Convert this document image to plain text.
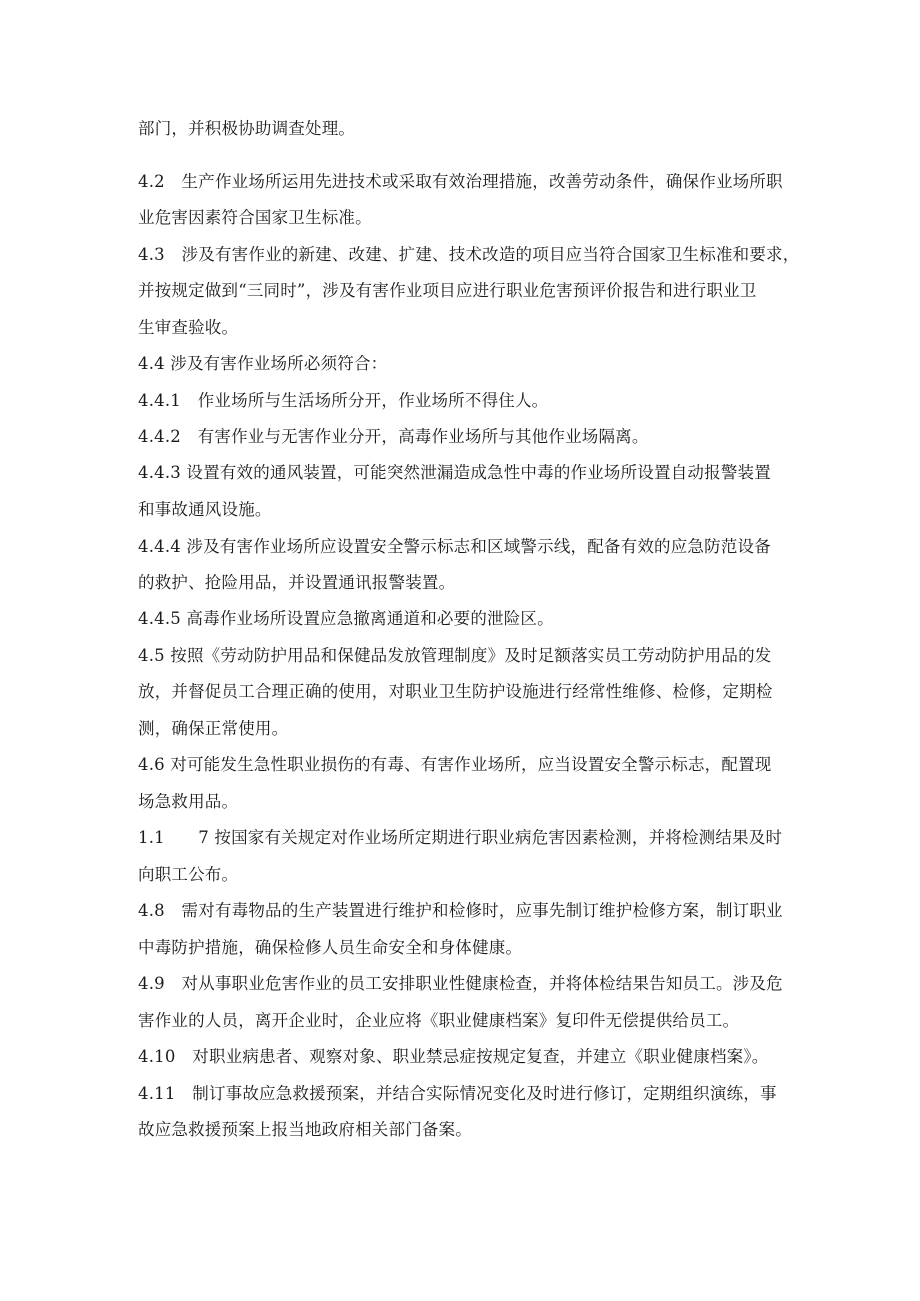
部门，并积极协助调查处理。
4.2　生产作业场所运用先进技术或采取有效治理措施，改善劳动条件，确保作业场所职
业危害因素符合国家卫生标准。
4.3　涉及有害作业的新建、改建、扩建、技术改造的项目应当符合国家卫生标准和要求，
并按规定做到“三同时”，涉及有害作业项目应进行职业危害预评价报告和进行职业卫
生审查验收。
4.4 涉及有害作业场所必须符合：
4.4.1　作业场所与生活场所分开，作业场所不得住人。
4.4.2　有害作业与无害作业分开，高毒作业场所与其他作业场隔离。
4.4.3 设置有效的通风装置，可能突然泄漏造成急性中毒的作业场所设置自动报警装置
和事故通风设施。
4.4.4 涉及有害作业场所应设置安全警示标志和区域警示线，配备有效的应急防范设备
的救护、抢险用品，并设置通讯报警装置。
4.4.5 高毒作业场所设置应急撤离通道和必要的泄险区。
4.5 按照《劳动防护用品和保健品发放管理制度》及时足额落实员工劳动防护用品的发
放，并督促员工合理正确的使用，对职业卫生防护设施进行经常性维修、检修，定期检
测，确保正常使用。
4.6 对可能发生急性职业损伤的有毒、有害作业场所，应当设置安全警示标志，配置现
场急救用品。
1.1　　7 按国家有关规定对作业场所定期进行职业病危害因素检测，并将检测结果及时
向职工公布。
4.8　需对有毒物品的生产装置进行维护和检修时，应事先制订维护检修方案，制订职业
中毒防护措施，确保检修人员生命安全和身体健康。
4.9　对从事职业危害作业的员工安排职业性健康检查，并将体检结果告知员工。涉及危
害作业的人员，离开企业时，企业应将《职业健康档案》复印件无偿提供给员工。
4.10　对职业病患者、观察对象、职业禁忌症按规定复查，并建立《职业健康档案》。
4.11　制订事故应急救援预案，并结合实际情况变化及时进行修订，定期组织演练，事
故应急救援预案上报当地政府相关部门备案。
